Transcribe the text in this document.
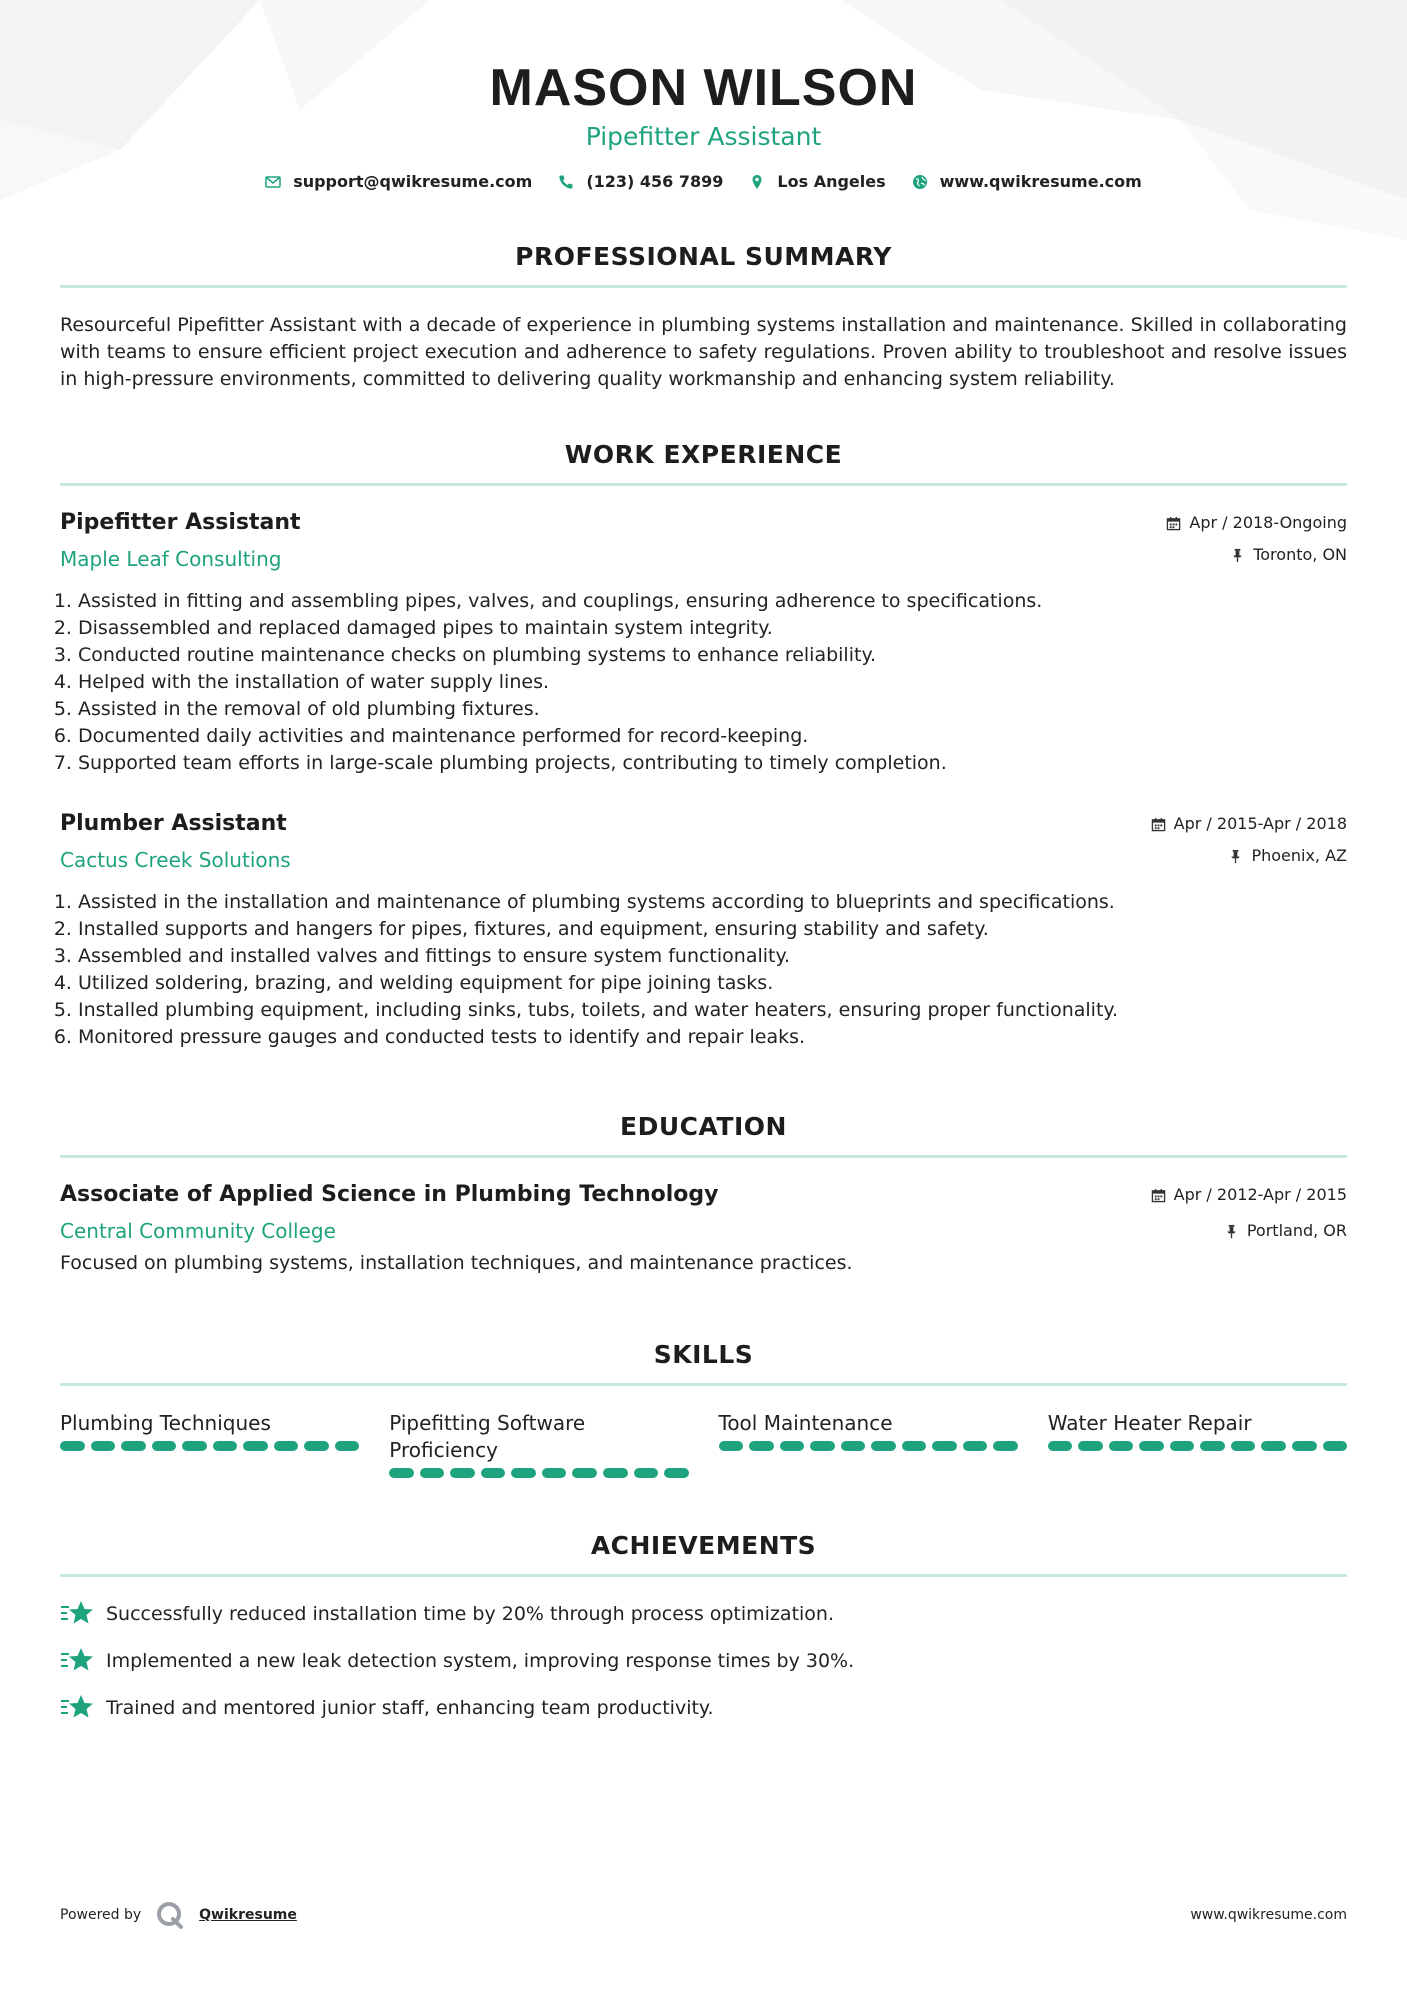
MASON WILSON
Pipefitter Assistant
support@qwikresume.com	(123) 456 7899	Los Angeles	www.qwikresume.com
PROFESSIONAL SUMMARY

Resourceful Pipefitter Assistant with a decade of experience in plumbing systems installation and maintenance. Skilled in collaborating with teams to ensure efficient project execution and adherence to safety regulations. Proven ability to troubleshoot and resolve issues in high-pressure environments, committed to delivering quality workmanship and enhancing system reliability.

WORK EXPERIENCE
Pipefitter Assistant
Maple Leaf Consulting
Apr / 2018-Ongoing
Toronto, ON
1. Assisted in fitting and assembling pipes, valves, and couplings, ensuring adherence to specifications.
2. Disassembled and replaced damaged pipes to maintain system integrity.
3. Conducted routine maintenance checks on plumbing systems to enhance reliability.
4. Helped with the installation of water supply lines.
5. Assisted in the removal of old plumbing fixtures.
6. Documented daily activities and maintenance performed for record-keeping.
7. Supported team efforts in large-scale plumbing projects, contributing to timely completion.
Plumber Assistant
Cactus Creek Solutions
Apr / 2015-Apr / 2018
Phoenix, AZ
1. Assisted in the installation and maintenance of plumbing systems according to blueprints and specifications.
2. Installed supports and hangers for pipes, fixtures, and equipment, ensuring stability and safety.
3. Assembled and installed valves and fittings to ensure system functionality.
4. Utilized soldering, brazing, and welding equipment for pipe joining tasks.
5. Installed plumbing equipment, including sinks, tubs, toilets, and water heaters, ensuring proper functionality.
6. Monitored pressure gauges and conducted tests to identify and repair leaks.
EDUCATION
Associate of Applied Science in Plumbing Technology
Central Community College
Apr / 2012-Apr / 2015
Portland, OR
Focused on plumbing systems, installation techniques, and maintenance practices.
SKILLS
Plumbing Techniques	Pipefitting Software Proficiency
Tool Maintenance	Water Heater Repair
ACHIEVEMENTS
Successfully reduced installation time by 20% through process optimization.
Implemented a new leak detection system, improving response times by 30%.
Trained and mentored junior staff, enhancing team productivity.
Powered by	Qwikresume	www.qwikresume.com
